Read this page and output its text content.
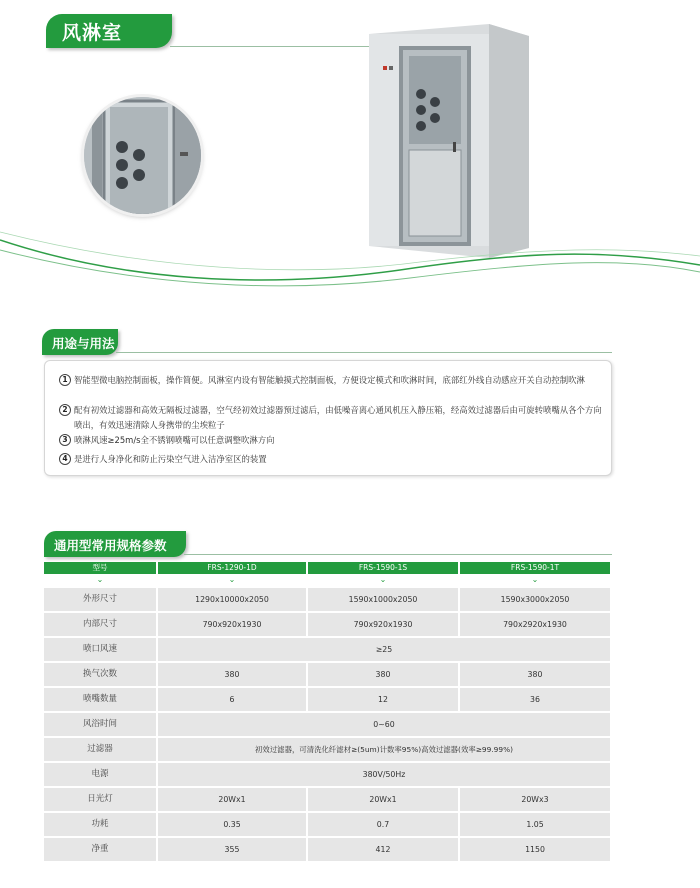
风淋室
用途与用法
1 智能型微电脑控制面板，操作简便。风淋室内设有智能触摸式控制面板，方便设定模式和吹淋时间，底部红外线自动感应开关自动控制吹淋
2 配有初效过滤器和高效无隔板过滤器，空气经初效过滤器预过滤后，由低噪音离心通风机压入静压箱，经高效过滤器后由可旋转喷嘴从各个方向喷出，有效迅速清除人身携带的尘埃粒子
3 喷淋风速≥25m/s全不锈钢喷嘴可以任意调整吹淋方向
4 是进行人身净化和防止污染空气进入洁净室区的装置
通用型常用规格参数
型号	FRS-1290-1D	FRS-1590-1S	FRS-1590-1T
⌄	⌄	⌄	⌄
外形尺寸	1290x10000x2050	1590x1000x2050	1590x3000x2050
内部尺寸	790x920x1930	790x920x1930	790x2920x1930
喷口风速	≥25
换气次数	380	380	380
喷嘴数量	6	12	36
风浴时间	0~60
过滤器	初效过滤器，可清洗化纤滤材≥(5um)计数率95%)高效过滤器(效率≥99.99%)
电源	380V/50Hz
日光灯	20Wx1	20Wx1	20Wx3
功耗	0.35	0.7	1.05
净重	355	412	1150
